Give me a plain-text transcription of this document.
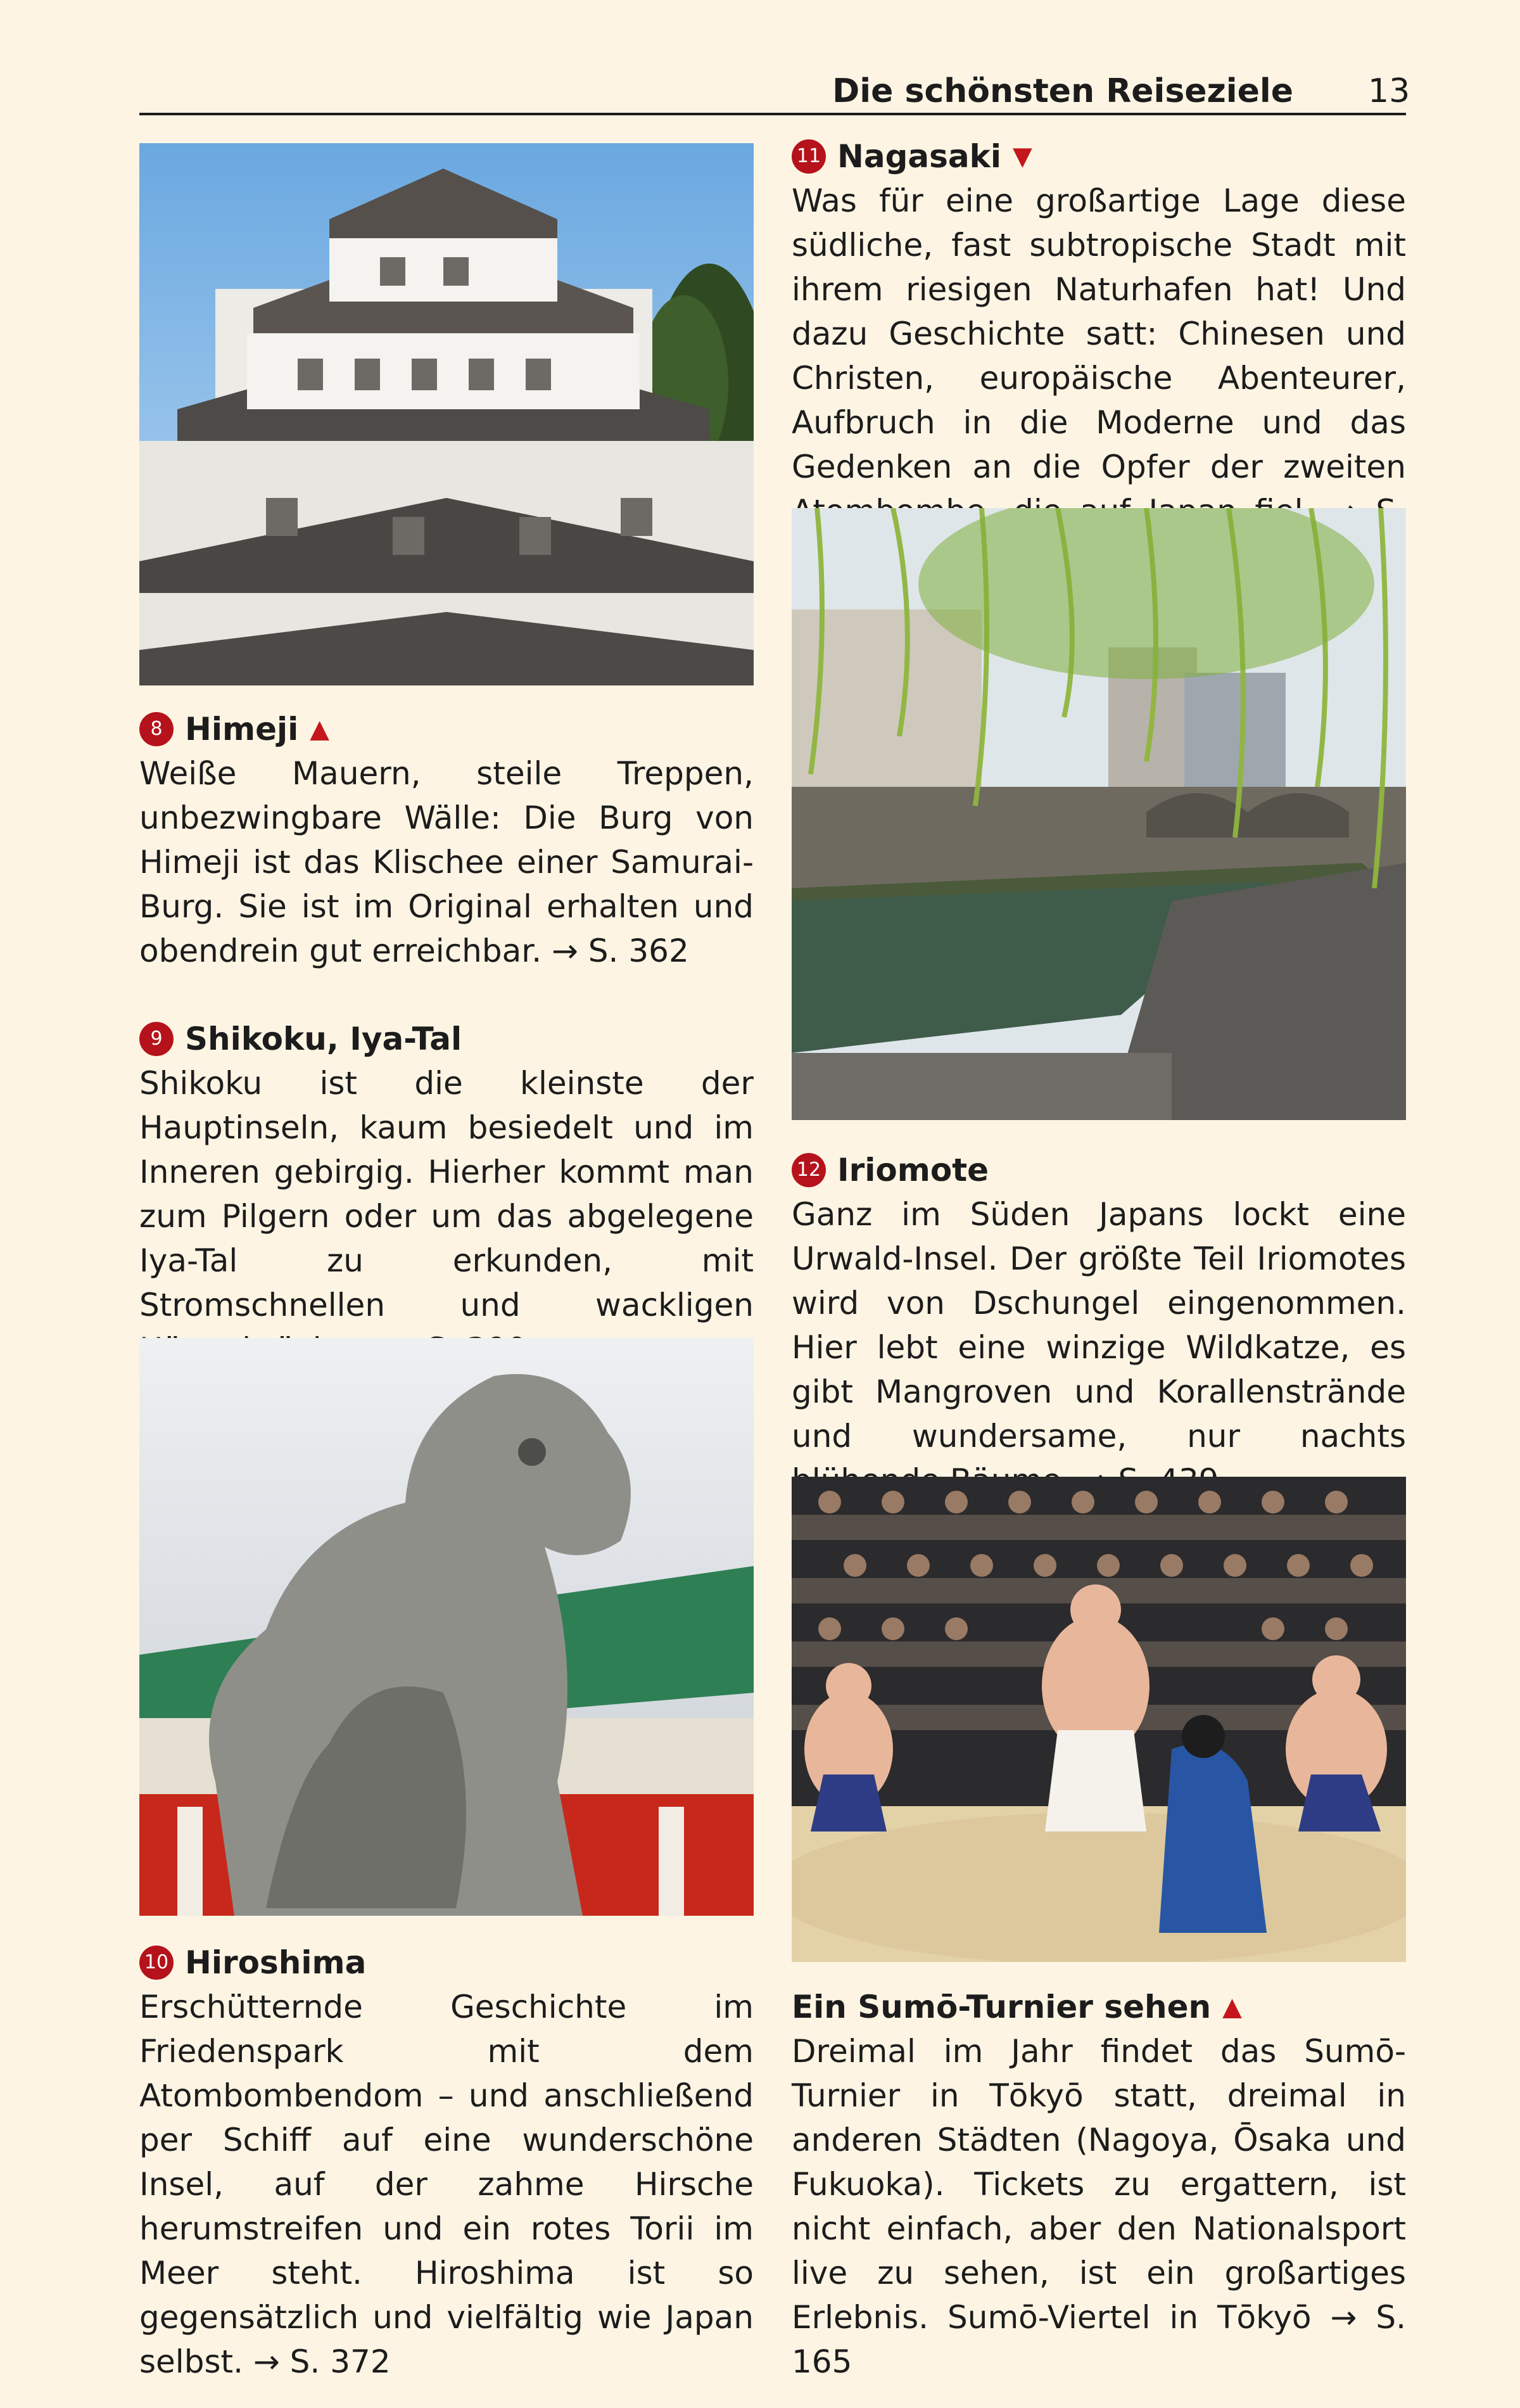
Die schönsten Reiseziele 13
8 Himeji ▲

Weiße Mauern, steile Treppen, unbezwingbare Wälle: Die Burg von Himeji ist das Klischee einer Samurai-Burg. Sie ist im Original erhalten und obendrein gut erreichbar. → S. 362

9 Shikoku, Iya-Tal

Shikoku ist die kleinste der Hauptinseln, kaum besiedelt und im Inneren gebirgig. Hierher kommt man zum Pilgern oder um das abgelegene Iya-Tal zu erkunden, mit Stromschnellen und wackligen

10 Hiroshima

Erschütternde Geschichte im Friedenspark mit dem Atombombendom – und anschließend per Schiff auf eine wunderschöne Insel, auf der zahme Hirsche herumstreifen und ein rotes Torii im Meer steht. Hiroshima ist so gegensätzlich und vielfältig wie Japan selbst. → S. 372

11 Nagasaki ▼

Was für eine großartige Lage diese südliche, fast subtropische Stadt mit ihrem riesigen Naturhafen hat! Und dazu Geschichte satt: Chinesen und Christen, europäische Abenteurer, Aufbruch in die Moderne und das Gedenken an die Opfer der zweiten

12 Iriomote

Ganz im Süden Japans lockt eine Urwald-Insel. Der größte Teil Iriomotes wird von Dschungel eingenommen. Hier lebt eine winzige Wildkatze, es gibt Mangroven und Korallenstrände und wundersame, nur nachts

Ein Sumō-Turnier sehen ▲

Dreimal im Jahr findet das Sumō-Turnier in Tōkyō statt, dreimal in anderen Städten (Nagoya, Ōsaka und Fukuoka). Tickets zu ergattern, ist nicht einfach, aber den Nationalsport live zu sehen, ist ein großartiges Erlebnis. Sumō-Viertel in Tōkyō → S. 165
